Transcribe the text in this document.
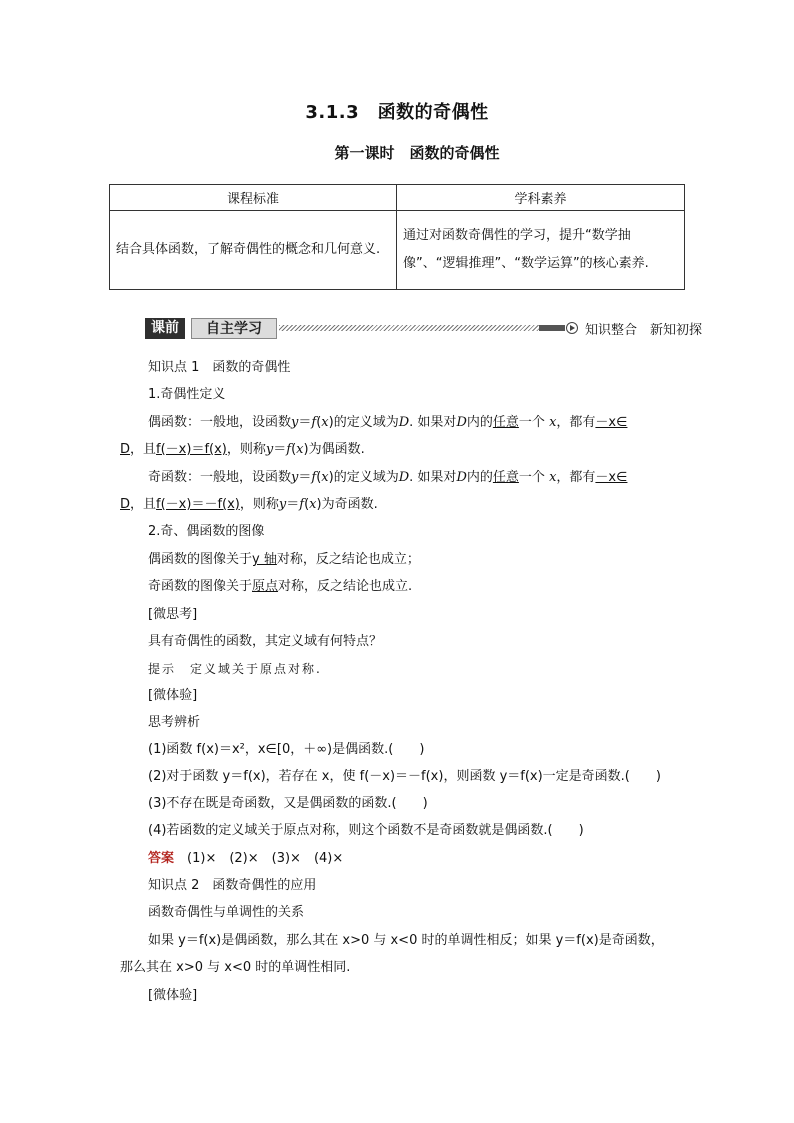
3.1.3　函数的奇偶性
第一课时　函数的奇偶性
课程标准	学科素养
结合具体函数，了解奇偶性的概念和几何意义.	通过对函数奇偶性的学习，提升“数学抽像”、“逻辑推理”、“数学运算”的核心素养.
课前	自主学习	知识整合　新知初探
知识点 1　函数的奇偶性
1.奇偶性定义
偶函数：一般地，设函数y＝f(x)的定义域为D. 如果对D内的任意一个 x，都有－x∈
D，且f(－x)＝f(x)，则称y＝f(x)为偶函数.
奇函数：一般地，设函数y＝f(x)的定义域为D. 如果对D内的任意一个 x，都有－x∈
D，且f(－x)＝－f(x)，则称y＝f(x)为奇函数.
2.奇、偶函数的图像
偶函数的图像关于y 轴对称，反之结论也成立；
奇函数的图像关于原点对称，反之结论也成立.
[微思考]
具有奇偶性的函数，其定义域有何特点？
提示　定义域关于原点对称.
[微体验]
思考辨析
(1)函数 f(x)＝x²，x∈[0，＋∞)是偶函数.(　　)
(2)对于函数 y＝f(x)，若存在 x，使 f(－x)＝－f(x)，则函数 y＝f(x)一定是奇函数.(　　)
(3)不存在既是奇函数，又是偶函数的函数.(　　)
(4)若函数的定义域关于原点对称，则这个函数不是奇函数就是偶函数.(　　)
答案　 (1)×　(2)×　(3)×　(4)×
知识点 2　函数奇偶性的应用
函数奇偶性与单调性的关系
如果 y＝f(x)是偶函数，那么其在 x>0 与 x<0 时的单调性相反；如果 y＝f(x)是奇函数，
那么其在 x>0 与 x<0 时的单调性相同.
[微体验]
